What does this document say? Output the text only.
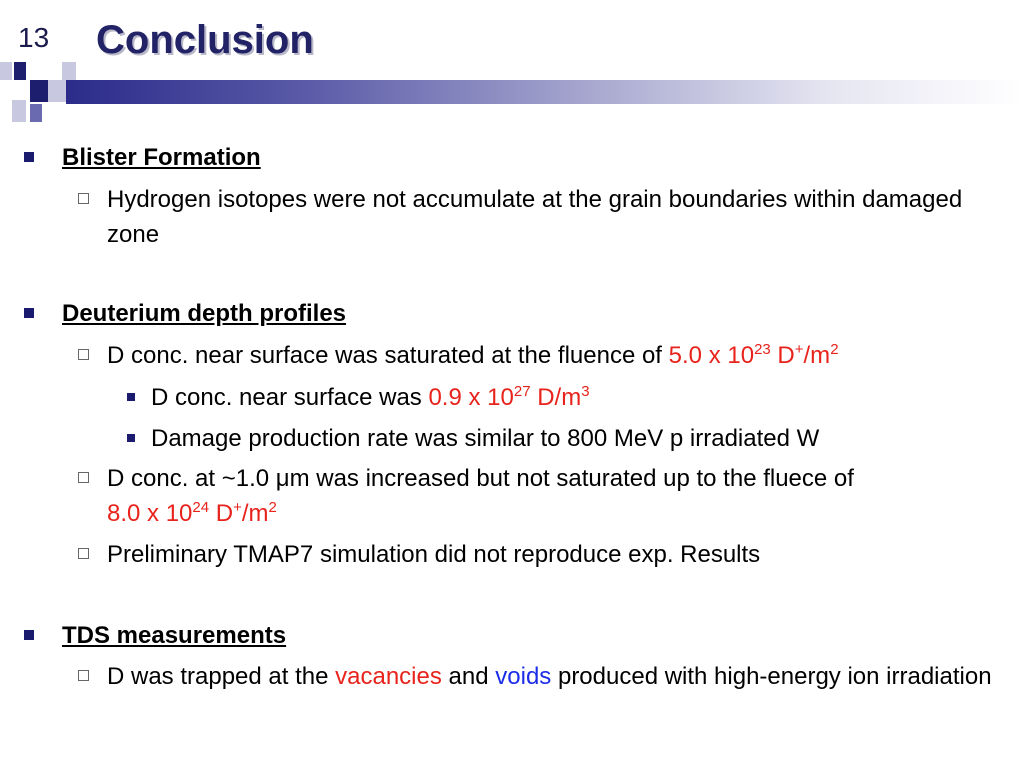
13 Conclusion
Blister Formation
Hydrogen isotopes were not accumulate at the grain boundaries within damaged zone
Deuterium depth profiles
D conc. near surface was saturated at the fluence of 5.0 x $10^{23}$ $D^+/m^2$
D conc. near surface was 0.9 x $10^{27}$ $D/m^3$
Damage production rate was similar to 800 MeV p irradiated W
D conc. at ~1.0 μm was increased but not saturated up to the fluece of
8.0 x $10^{24}$ $D^+/m^2$
Preliminary TMAP7 simulation did not reproduce exp. Results
TDS measurements
D was trapped at the vacancies and voids produced with high-energy ion irradiation
